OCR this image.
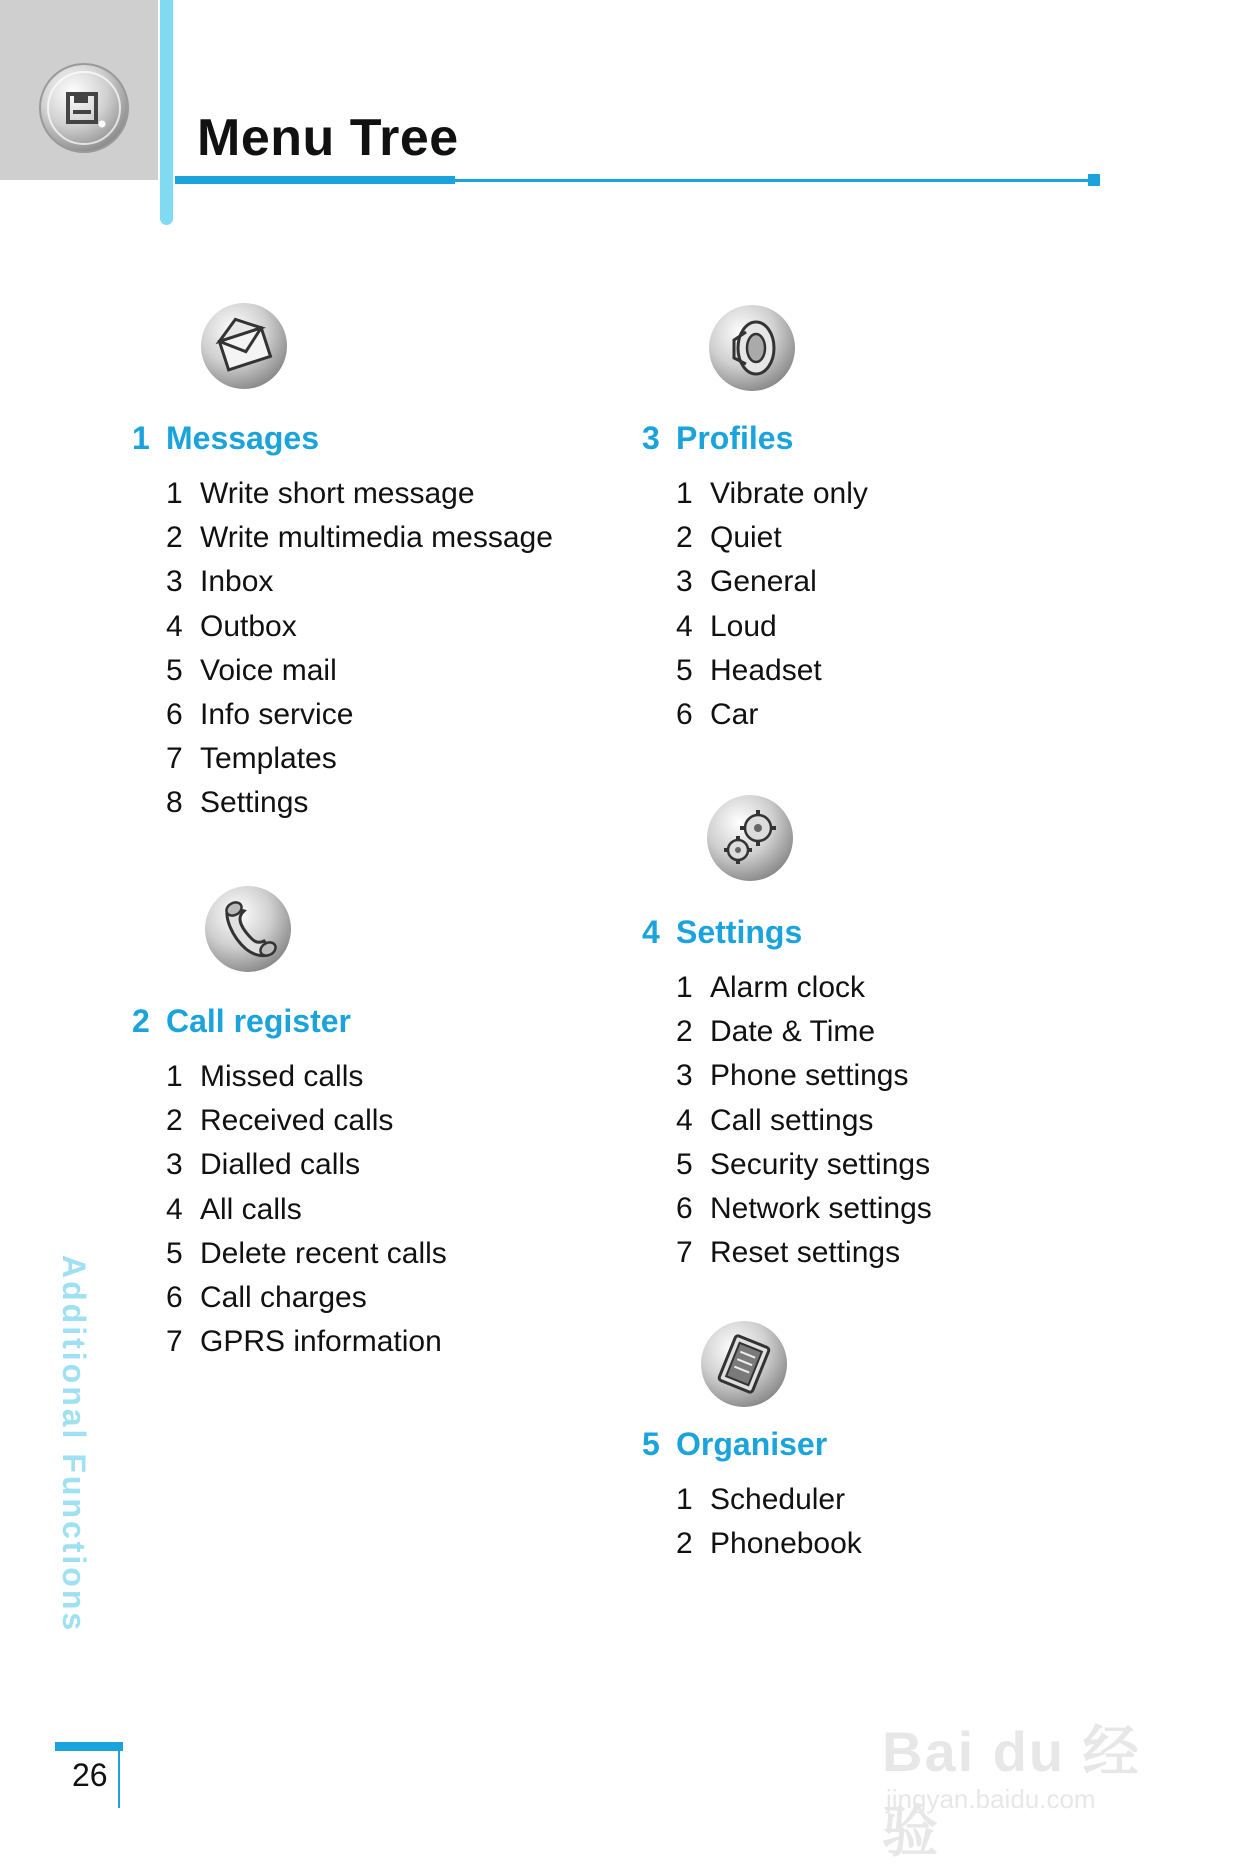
Menu Tree
1 Messages
1 Write short message
2 Write multimedia message
3 Inbox
4 Outbox
5 Voice mail
6 Info service
7 Templates
8 Settings
2 Call register
1 Missed calls
2 Received calls
3 Dialled calls
4 All calls
5 Delete recent calls
6 Call charges
7 GPRS information
3 Profiles
1 Vibrate only
2 Quiet
3 General
4 Loud
5 Headset
6 Car
4 Settings
1 Alarm clock
2 Date & Time
3 Phone settings
4 Call settings
5 Security settings
6 Network settings
7 Reset settings
5 Organiser
1 Scheduler
2 Phonebook
Additional Functions
26	Bai du 经验
jingyan.baidu.com
